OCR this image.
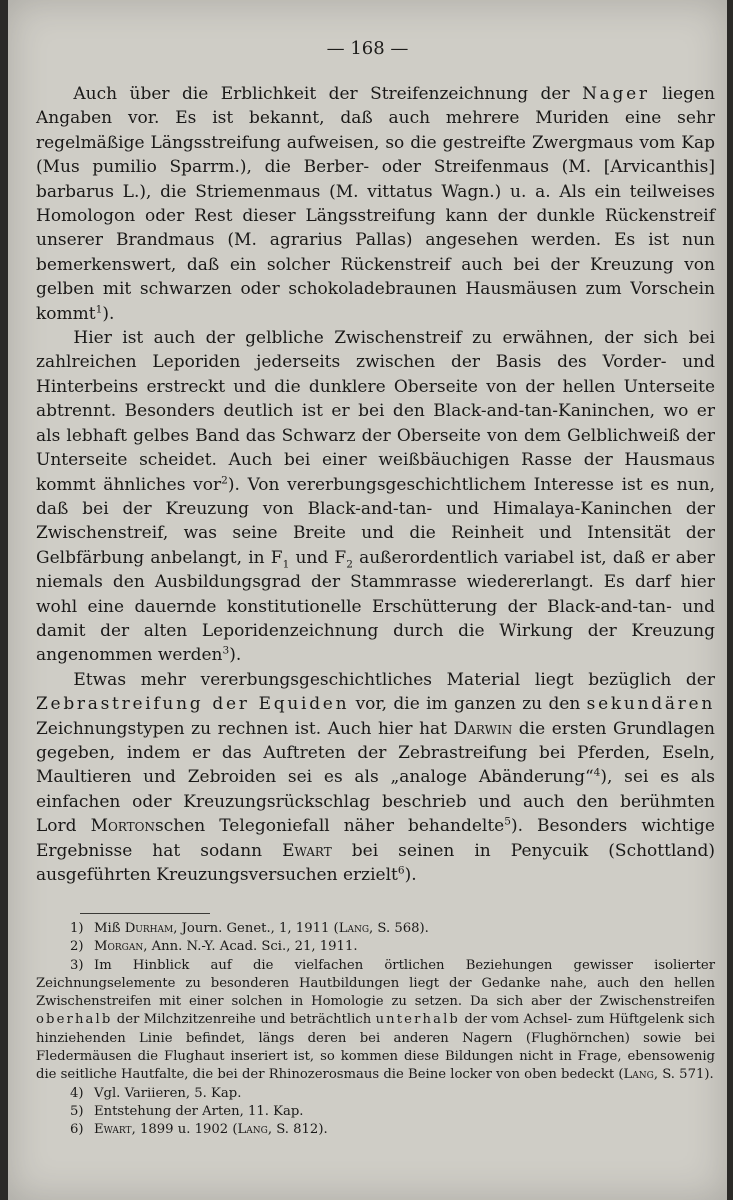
— 168 —

Auch über die Erblichkeit der Streifenzeichnung der Nager liegen Angaben vor. Es ist bekannt, daß auch mehrere Muriden eine sehr regelmäßige Längsstreifung aufweisen, so die gestreifte Zwergmaus vom Kap (Mus pumilio Sparrm.), die Berber- oder Streifenmaus (M. [Arvicanthis] barbarus L.), die Striemenmaus (M. vittatus Wagn.) u. a. Als ein teilweises Homologon oder Rest dieser Längsstreifung kann der dunkle Rückenstreif unserer Brandmaus (M. agrarius Pallas) angesehen werden. Es ist nun bemerkenswert, daß ein solcher Rückenstreif auch bei der Kreuzung von gelben mit schwarzen oder schokoladebraunen Hausmäusen zum Vorschein kommt$^1$).

Hier ist auch der gelbliche Zwischenstreif zu erwähnen, der sich bei zahlreichen Leporiden jederseits zwischen der Basis des Vorder- und Hinterbeins erstreckt und die dunklere Oberseite von der hellen Unterseite abtrennt. Besonders deutlich ist er bei den Black-and-tan-Kaninchen, wo er als lebhaft gelbes Band das Schwarz der Oberseite von dem Gelblichweiß der Unterseite scheidet. Auch bei einer weißbäuchigen Rasse der Hausmaus kommt ähnliches vor$^2$). Von vererbungsgeschichtlichem Interesse ist es nun, daß bei der Kreuzung von Black-and-tan- und Himalaya-Kaninchen der Zwischenstreif, was seine Breite und die Reinheit und Intensität der Gelbfärbung anbelangt, in $F_1$ und $F_2$ außerordentlich variabel ist, daß er aber niemals den Ausbildungsgrad der Stammrasse wiedererlangt. Es darf hier wohl eine dauernde konstitutionelle Erschütterung der Black-and-tan- und damit der alten Leporidenzeichnung durch die Wirkung der Kreuzung angenommen werden$^3$).

Etwas mehr vererbungsgeschichtliches Material liegt bezüglich der Zebrastreifung der Equiden vor, die im ganzen zu den sekundären Zeichnungstypen zu rechnen ist. Auch hier hat Darwin die ersten Grundlagen gegeben, indem er das Auftreten der Zebrastreifung bei Pferden, Eseln, Maultieren und Zebroiden sei es als „analoge Abänderung“$^4$), sei es als einfachen oder Kreuzungsrückschlag beschrieb und auch den berühmten Lord Mortonschen Telegoniefall näher behandelte$^5$). Besonders wichtige Ergebnisse hat sodann Ewart bei seinen in Penycuik (Schottland) ausgeführten Kreuzungsversuchen erzielt$^6$).

1) Miß Durham, Journ. Genet., 1, 1911 (Lang, S. 568).

2) Morgan, Ann. N.-Y. Acad. Sci., 21, 1911.

3) Im Hinblick auf die vielfachen örtlichen Beziehungen gewisser isolierter Zeichnungselemente zu besonderen Hautbildungen liegt der Gedanke nahe, auch den hellen Zwischenstreifen mit einer solchen in Homologie zu setzen. Da sich aber der Zwischenstreifen oberhalb der Milchzitzenreihe und beträchtlich unterhalb der vom Achsel- zum Hüftgelenk sich hinziehenden Linie befindet, längs deren bei anderen Nagern (Flughörnchen) sowie bei Fledermäusen die Flughaut inseriert ist, so kommen diese Bildungen nicht in Frage, ebensowenig die seitliche Hautfalte, die bei der Rhinozerosmaus die Beine locker von oben bedeckt (Lang, S. 571).

4) Vgl. Variieren, 5. Kap.

5) Entstehung der Arten, 11. Kap.

6) Ewart, 1899 u. 1902 (Lang, S. 812).
